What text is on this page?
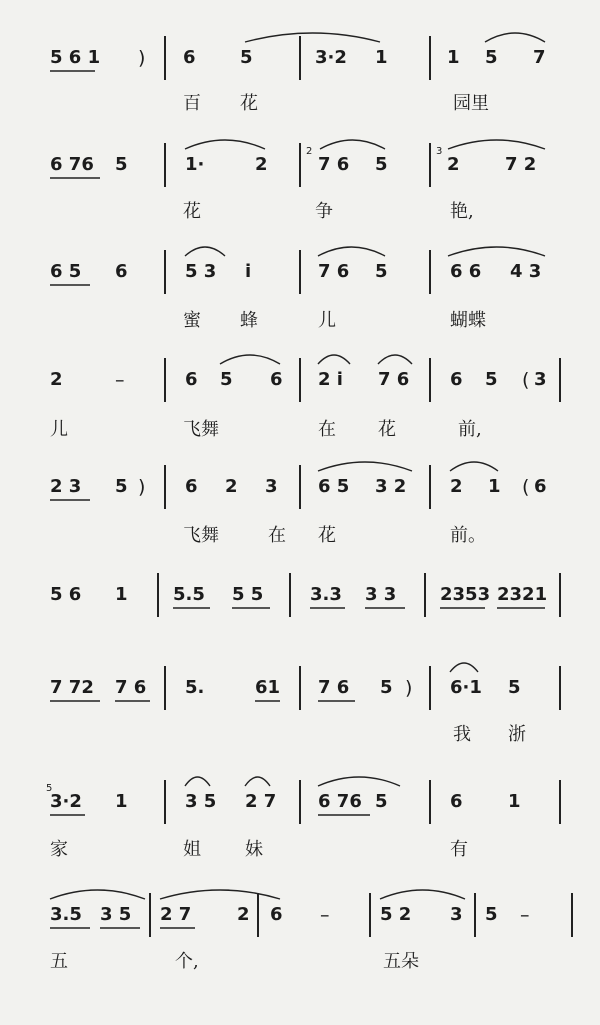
5 6 1 ) 6 5	3·2 1	1 5 7
百 花	园里
6 76 5	1·	2	7 6 5	2	7 2
花	争	艳,
2	3
6 5 6	5 3 i	7 6 5	6 6 4 3
蜜 蜂	儿	蝴蝶
2	–	6 5 6 2 i 7 6 6 5 ( 3
儿	飞舞	在 花	前,
2 3 5 ) 6 2 3 6 5 3 2 2 1 ( 6
飞舞	在 花	前。
5 6 1	5.5 5 5	3.3 3 3 2353 2321
7 72 7 6 5.	61 7 6 5 ) 6·1 5
我 浙
3·2 1	3 5 2 7 6 76 5	6	1
家	姐 妹	有
5
3.5 3 5 2 7	2 6 –	5 2 3 5 –
五	个,	五朵
